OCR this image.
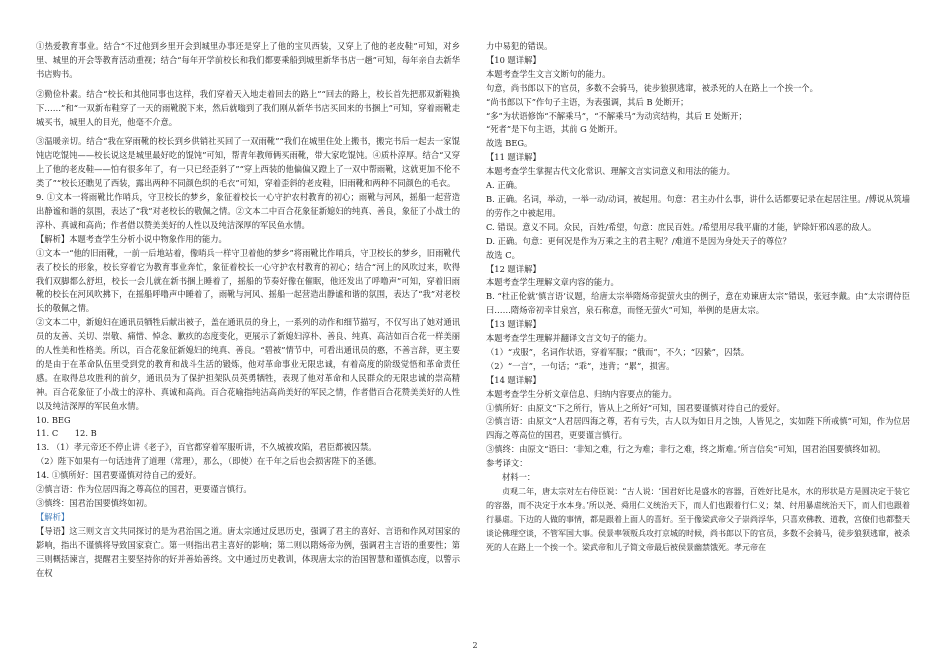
①热爱教育事业。结合“不过他到乡里开会到城里办事还是穿上了他的宝贝西装，又穿上了他的老皮鞋”可知，对乡里、城里的开会等教育活动重视；结合“每年开学前校长和我们都要乘船到城里新华书店一趟”可知，每年亲自去新华书店购书。

②勤俭朴素。结合“校长和其他同事也这样，我们穿着天入地走着回去的路上”“回去的路上，校长首先把那双新鞋换下……”和“一双新布鞋穿了一天的雨靴脱下来，然后就嗡到了我们刚从新华书店买回来的书捆上”可知，穿着雨靴走城买书，城里人的目光，他毫不介意。

③温暖亲切。结合“我在穿雨靴的校长到乡供销社买回了一双雨靴”“我们在城里住处上搬书，搬完书后一起去一家馄饨店吃馄饨——校长说这是城里最好吃的馄饨”可知，帮青年教师俩买雨靴，带大家吃馄饨。④质朴淳厚。结合“又穿上了他的老皮鞋——怕有很多年了，有一只已经歪斜了”“穿上西装的他偏偏又蹬上了一双中帮雨靴，这就更加不伦不类了”“校长还瞧见了西装，露出两种不同颜色织的毛衣”可知，穿着歪斜的老皮鞋，旧雨靴和两种不同颜色的毛衣。

9. ①文本一将雨靴比作哨兵，守卫校长的梦乡，象征着校长一心守护农村教育的初心；雨靴与河风，摇船一起营造出静谧和谐的氛围，表达了“我”对老校长的敬佩之情。②文本二中百合花象征新媳妇的纯真、善良，象征了小战士的淳朴、真诚和高尚；作者借以赞美美好的人性以及纯洁深厚的军民鱼水情。

【解析】本题考查学生分析小说中物象作用的能力。

①文本一“他的旧雨靴，一前一后地站着，像哨兵一样守卫着他的梦乡”将雨靴比作哨兵，守卫校长的梦乡，旧雨靴代表了校长的形象，校长穿着它为教育事业奔忙，象征着校长一心守护农村教育的初心；结合“河上的风吹过来，吹得我们双脚都么舒坦，校长一会儿就在新书捆上睡着了，摇船的节奏好像在催眠，他还发出了呼噜声”可知，穿着旧雨靴的校长在河风吹拂下，在摇船呼噜声中睡着了，雨靴与河风、摇船一起营造出静谧和谐的氛围，表达了“我”对老校长的敬佩之情。

②文本二中，新媳妇在通讯员牺牲后献出被子，盖在通讯员的身上，一系列的动作和细节描写，不仅写出了她对通讯员的友善、关切、崇敬、痛惜、悼念、歉疚的态度变化，更展示了新媳妇淳朴、善良、纯真、高洁如百合花一样美丽的人性美和性格美。所以，百合花象征新媳妇的纯真、善良。“碧被”情节中，可看出通讯员的憨，不善言辞，更主要的是由于在革命队伍里受到党的教育和战斗生活的锻炼，他对革命事业无限忠诚，有着高度的阶级觉悟和革命责任感。在取得总攻胜利的前夕，通讯员为了保护担架队员英勇牺牲，表现了他对革命和人民群众的无限忠诚的崇高精神。百合花象征了小战士的淳朴、真诚和高尚。百合花喻指纯洁高尚美好的军民之情，作者借百合花赞美美好的人性以及纯洁深厚的军民鱼水情。

10. BEG

11. C　　12. B

13. （1）孝元帝还不停止讲《老子》，百官都穿着军服听讲，不久城被攻陷，君臣都被囚禁。

（2）陛下如果有一句话违背了道理（常理），那么，（即使）在千年之后也会损害陛下的圣德。

14. ①慎所好：国君要谨慎对待自己的爱好。

②慎言语：作为位居四海之尊高位的国君，更要谨言慎行。

③慎终：国君治国要慎终如初。

【解析】

【导语】这三则文言文共同探讨的是为君治国之道。唐太宗通过反思历史，强调了君主的喜好、言语和作风对国家的影响，指出不谨慎将导致国家衰亡。第一则指出君主喜好的影响；第二则以隋炀帝为例，强调君主言语的重要性；第三则概括谏言，提醒君主要坚持你的好并善始善终。文中通过历史教训，体现唐太宗的治国智慧和谨慎态度，以警示在权

力中易犯的错误。

【10 题详解】

本题考查学生文言文断句的能力。

句意，尚书郎以下的官员，多数不会骑马，徒步狼狈逃窜，被杀死的人在路上一个挨一个。

“尚书郎以下”作句子主语，为表强调，其后 B 处断开；

“多”为状语修饰“不解乘马”，“不解乘马”为动宾结构，其后 E 处断开；

“死者”是下句主语，其前 G 处断开。

故选 BEG。

【11 题详解】

本题考查学生掌握古代文化常识、理解文言实词意义和用法的能力。

A. 正确。

B. 正确。名词，举动，一举一动/动词，被起用。句意：君主办什么事，讲什么话都要记录在起居注里。/傅说从筑墙的劳作之中被起用。

C. 错误。意义不同。众民，百姓/希望，句意：庶民百姓。/希望用尽我平庸的才能，铲除奸邪凶恶的敌人。

D. 正确。句意：更何况是作为万乘之主的君主呢？/难道不是因为身处天子的尊位？

故选 C。

【12 题详解】

本题考查学生理解文章内容的能力。

B. “杜正伦就‘慎言语’议题，给唐太宗举隋炀帝捉萤火虫的例子，意在劝谏唐太宗”错误，张冠李戴。由“太宗谓侍臣曰……隋炀帝初幸甘泉宫，泉石称意，而怪无萤火”可知，举例的是唐太宗。

【13 题详解】

本题考查学生理解并翻译文言文句子的能力。

（1）“戎服”，名词作状语，穿着军服；“俄而”，不久；“囚絷”，囚禁。

（2）“一言”，一句话；“乖”，违背；“累”，损害。

【14 题详解】

本题考查学生分析文章信息、归纳内容要点的能力。

①慎所好：由原文“下之所行，皆从上之所好”可知，国君要谨慎对待自己的爱好。

②慎言语：由原文“人君居四海之尊，若有亏失，古人以为如日月之蚀，人皆见之，实如陛下所戒慎”可知，作为位居四海之尊高位的国君，更要谨言慎行。

③慎终：由原文“语曰：‘非知之难，行之为难；非行之难，终之斯难。’所言信矣”可知，国君治国要慎终如初。

参考译文：

材料一：

贞观二年，唐太宗对左右侍臣说：“古人说：‘国君好比是盛水的容器，百姓好比是水，水的形状是方是圆决定于装它的容器，而不决定于水本身。’所以尧、舜用仁义统治天下，而人们也跟着行仁义；桀、纣用暴虐统治天下，而人们也跟着行暴虐。下边的人做的事情，都是跟着上面人的喜好。至于像梁武帝父子崇尚浮华，只喜欢佛教、道教，宫僚们也都整天谈论佛理空谈，不管军国大事。侯景率领叛兵攻打京城的时候，尚书郎以下的官员，多数不会骑马，徒步狼狈逃窜，被杀死的人在路上一个挨一个。梁武帝和儿子简文帝最后被侯景幽禁饿死。孝元帝在

2
